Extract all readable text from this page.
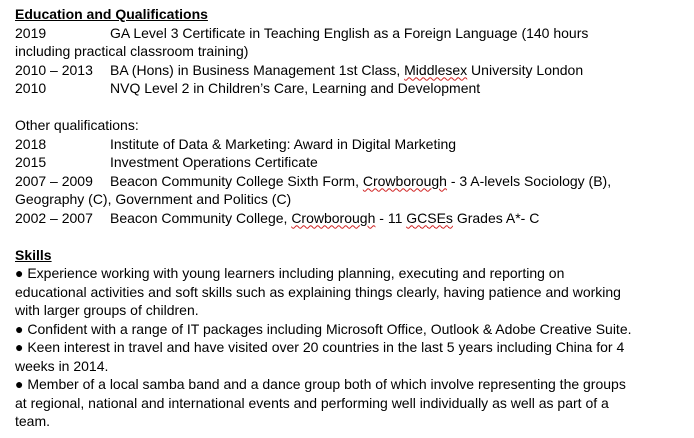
Education and Qualifications
2019	GA Level 3 Certificate in Teaching English as a Foreign Language (140 hours
including practical classroom training)
2010 – 2013 BA (Hons) in Business Management 1st Class, Middlesex University London
2010	NVQ Level 2 in Children’s Care, Learning and Development
Other qualifications:
2018	Institute of Data & Marketing: Award in Digital Marketing
2015	Investment Operations Certificate
2007 – 2009 Beacon Community College Sixth Form, Crowborough - 3 A-levels Sociology (B),
Geography (C), Government and Politics (C)
2002 – 2007 Beacon Community College, Crowborough - 11 GCSEs Grades A*- C
Skills
● Experience working with young learners including planning, executing and reporting on
educational activities and soft skills such as explaining things clearly, having patience and working
with larger groups of children.
● Confident with a range of IT packages including Microsoft Office, Outlook & Adobe Creative Suite.
● Keen interest in travel and have visited over 20 countries in the last 5 years including China for 4
weeks in 2014.
● Member of a local samba band and a dance group both of which involve representing the groups
at regional, national and international events and performing well individually as well as part of a
team.
